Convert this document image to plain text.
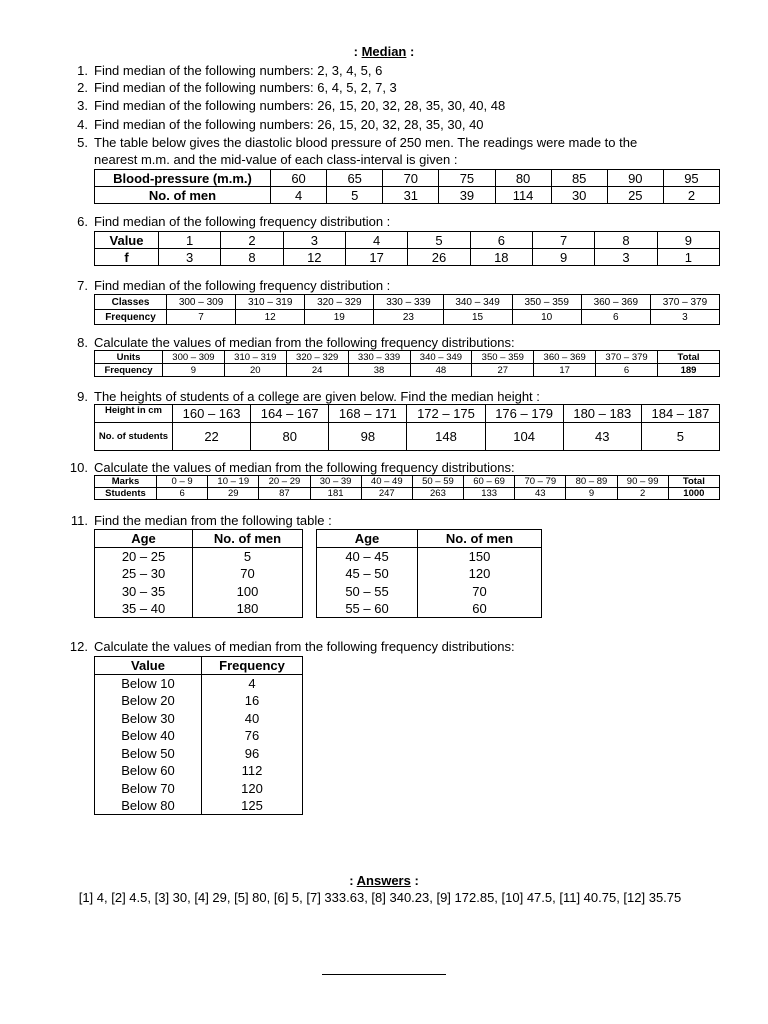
: Median :
1. Find median of the following numbers: 2, 3, 4, 5, 6
2. Find median of the following numbers: 6, 4, 5, 2, 7, 3
3. Find median of the following numbers: 26, 15, 20, 32, 28, 35, 30, 40, 48
4. Find median of the following numbers: 26, 15, 20, 32, 28, 35, 30, 40
5. The table below gives the diastolic blood pressure of 250 men. The readings were made to the
nearest m.m. and the mid-value of each class-interval is given :
Blood-pressure (m.m.)	60	65	70	75	80	85	90	95
No. of men	4	5	31	39	114	30	25	2
6. Find median of the following frequency distribution :
Value	1	2	3	4	5	6	7	8	9
f	3	8	12	17	26	18	9	3	1
7. Find median of the following frequency distribution :
Classes	300 – 309	310 – 319	320 – 329	330 – 339	340 – 349	350 – 359	360 – 369	370 – 379
Frequency	7	12	19	23	15	10	6	3
8. Calculate the values of median from the following frequency distributions:
Units	300 – 309	310 – 319	320 – 329	330 – 339	340 – 349	350 – 359	360 – 369	370 – 379	Total
Frequency	9	20	24	38	48	27	17	6	189
9. The heights of students of a college are given below. Find the median height :
Height in cm	160 – 163	164 – 167	168 – 171	172 – 175	176 – 179	180 – 183	184 – 187
No. of students	22	80	98	148	104	43	5
10. Calculate the values of median from the following frequency distributions:
Marks	0 – 9	10 – 19	20 – 29	30 – 39	40 – 49	50 – 59	60 – 69	70 – 79	80 – 89	90 – 99	Total
Students	6	29	87	181	247	263	133	43	9	2	1000
11. Find the median from the following table :
Age	No. of men
20 – 25	5
25 – 30	70
30 – 35	100
35 – 40	180
Age	No. of men
40 – 45	150
45 – 50	120
50 – 55	70
55 – 60	60
12. Calculate the values of median from the following frequency distributions:
Value	Frequency
Below 10	4
Below 20	16
Below 30	40
Below 40	76
Below 50	96
Below 60	112
Below 70	120
Below 80	125
: Answers :
[1] 4, [2] 4.5, [3] 30, [4] 29, [5] 80, [6] 5, [7] 333.63, [8] 340.23, [9] 172.85, [10] 47.5, [11] 40.75, [12] 35.75
